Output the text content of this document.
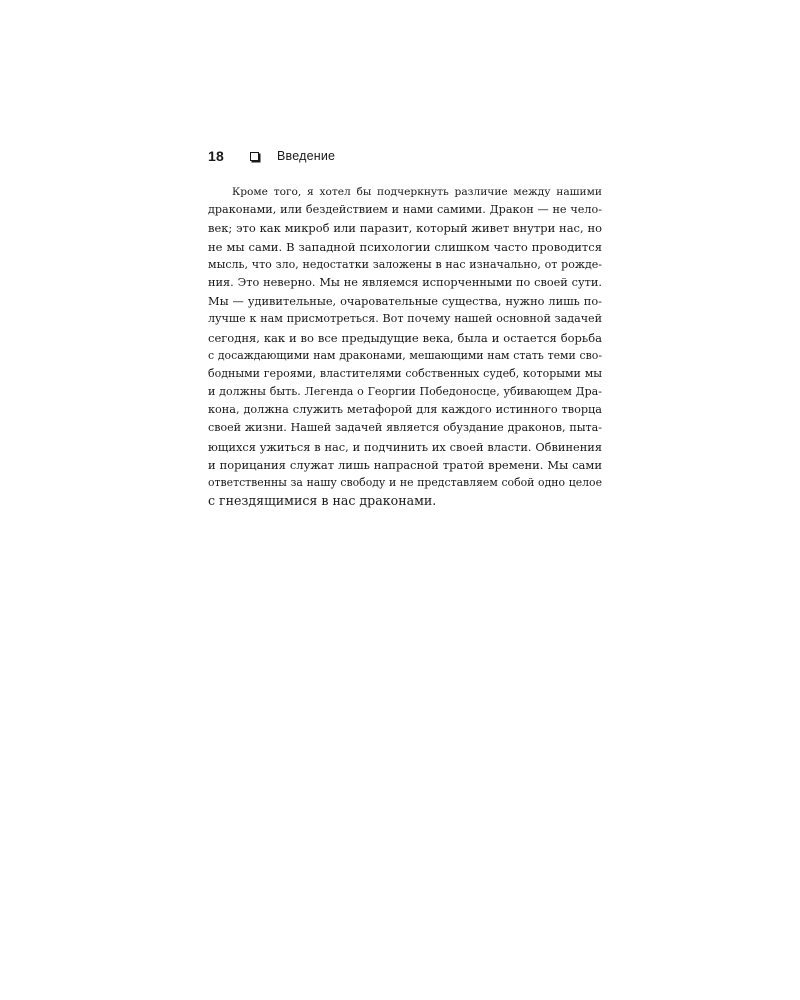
18	Введение
Кроме того, я хотел бы подчеркнуть различие между нашими
драконами, или бездействием и нами самими. Дракон — не чело-
век; это как микроб или паразит, который живет внутри нас, но
не мы сами. В западной психологии слишком часто проводится
мысль, что зло, недостатки заложены в нас изначально, от рожде-
ния. Это неверно. Мы не являемся испорченными по своей сути.
Мы — удивительные, очаровательные существа, нужно лишь по-
лучше к нам присмотреться. Вот почему нашей основной задачей
сегодня, как и во все предыдущие века, была и остается борьба
с досаждающими нам драконами, мешающими нам стать теми сво-
бодными героями, властителями собственных судеб, которыми мы
и должны быть. Легенда о Георгии Победоносце, убивающем Дра-
кона, должна служить метафорой для каждого истинного творца
своей жизни. Нашей задачей является обуздание драконов, пыта-
ющихся ужиться в нас, и подчинить их своей власти. Обвинения
и порицания служат лишь напрасной тратой времени. Мы сами
ответственны за нашу свободу и не представляем собой одно целое
с гнездящимися в нас драконами.
